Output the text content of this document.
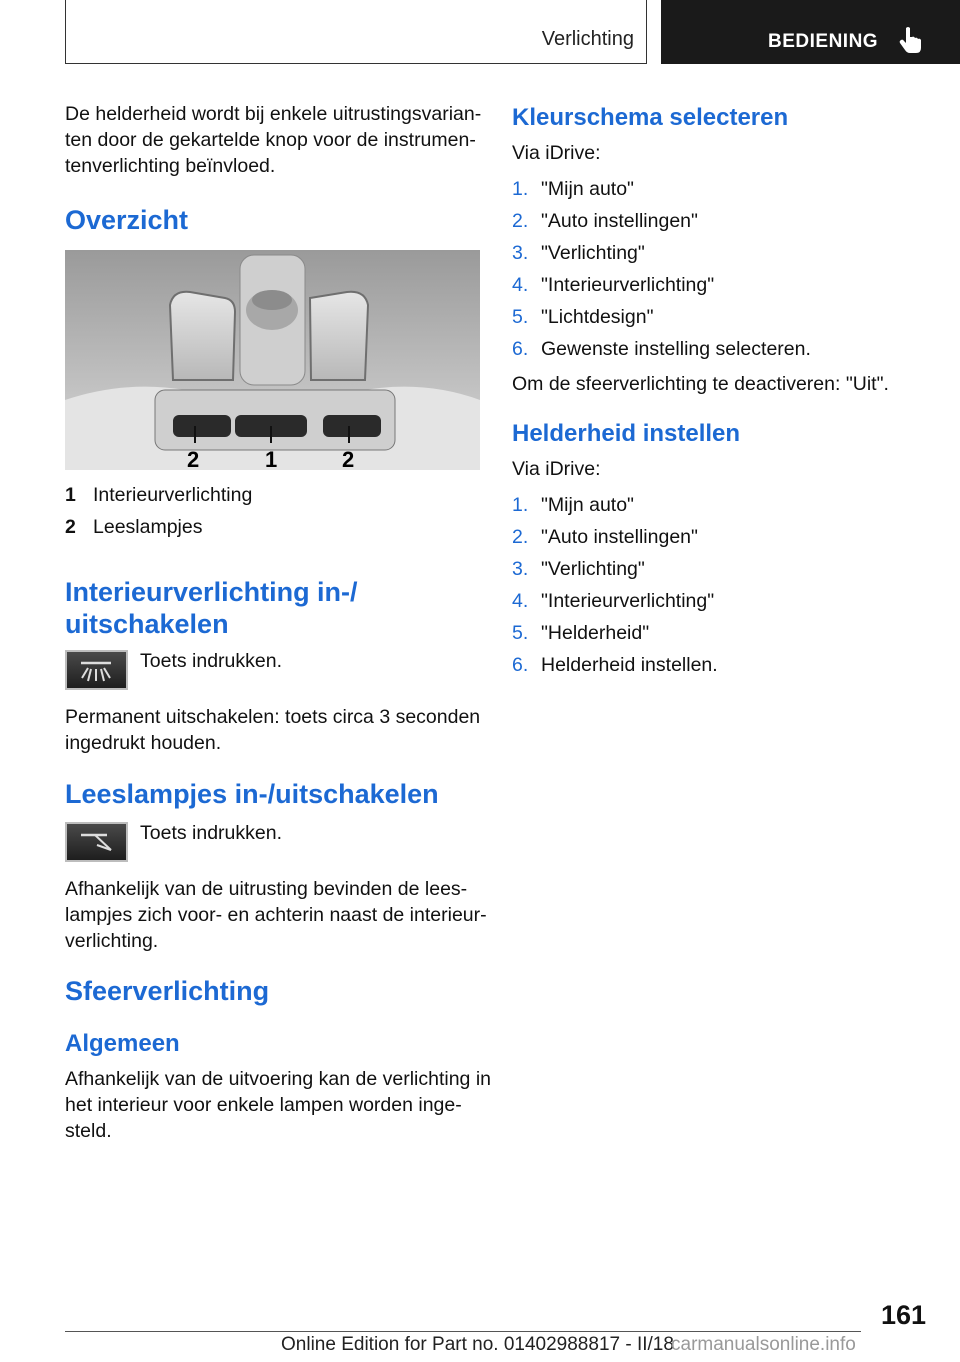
Verlichting	BEDIENING
De helderheid wordt bij enkele uitrustingsvarian-
ten door de gekartelde knop voor de instrumen-
tenverlichting beïnvloed.
Overzicht
2	1	2
1 Interieurverlichting
2 Leeslampjes
Interieurverlichting in-/
uitschakelen
Toets indrukken.
Permanent uitschakelen: toets circa 3 seconden
ingedrukt houden.
Leeslampjes in-/uitschakelen
Toets indrukken.
Afhankelijk van de uitrusting bevinden de lees-
lampjes zich voor- en achterin naast de interieur-
verlichting.
Sfeerverlichting
Algemeen
Afhankelijk van de uitvoering kan de verlichting in
het interieur voor enkele lampen worden inge-
steld.
Kleurschema selecteren
Via iDrive:
1. "Mijn auto"
2. "Auto instellingen"
3. "Verlichting"
4. "Interieurverlichting"
5. "Lichtdesign"
6. Gewenste instelling selecteren.
Om de sfeerverlichting te deactiveren: "Uit".
Helderheid instellen
Via iDrive:
1. "Mijn auto"
2. "Auto instellingen"
3. "Verlichting"
4. "Interieurverlichting"
5. "Helderheid"
6. Helderheid instellen.
161
Online Edition for Part no. 01402988817 - II/18
carmanualsonline.info
